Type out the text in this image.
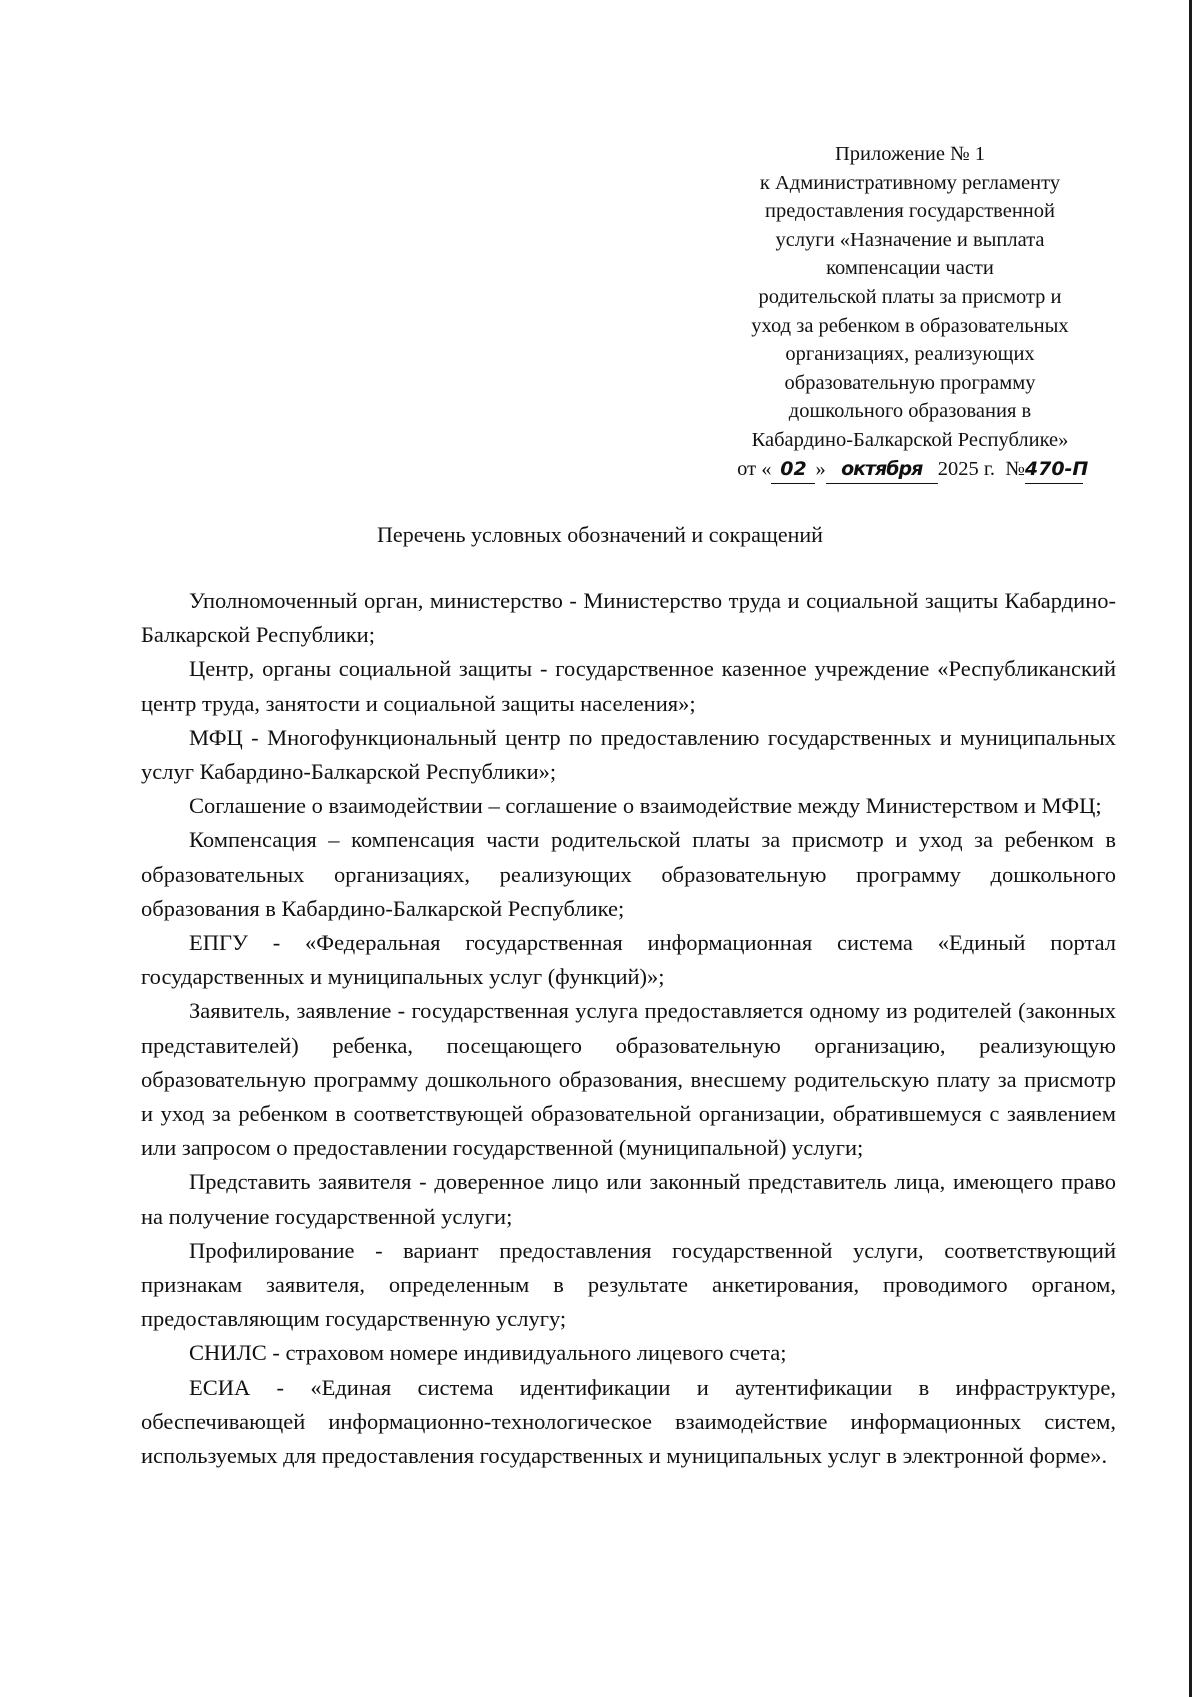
Приложение № 1
к Административному регламенту
предоставления государственной
услуги «Назначение и выплата
компенсации части
родительской платы за присмотр и
уход за ребенком в образовательных
организациях, реализующих
образовательную программу
дошкольного образования в
Кабардино-Балкарской Республике»
от « 02 » октября 2025 г. №470-П
Перечень условных обозначений и сокращений

Уполномоченный орган, министерство - Министерство труда и социальной защиты Кабардино-Балкарской Республики;

Центр, органы социальной защиты - государственное казенное учреждение «Республиканский центр труда, занятости и социальной защиты населения»;

МФЦ - Многофункциональный центр по предоставлению государственных и муниципальных услуг Кабардино-Балкарской Республики»;

Соглашение о взаимодействии – соглашение о взаимодействие между Министерством и МФЦ;

Компенсация – компенсация части родительской платы за присмотр и уход за ребенком в образовательных организациях, реализующих образовательную программу дошкольного образования в Кабардино-Балкарской Республике;

ЕПГУ - «Федеральная государственная информационная система «Единый портал государственных и муниципальных услуг (функций)»;

Заявитель, заявление - государственная услуга предоставляется одному из родителей (законных представителей) ребенка, посещающего образовательную организацию, реализующую образовательную программу дошкольного образования, внесшему родительскую плату за присмотр и уход за ребенком в соответствующей образовательной организации, обратившемуся с заявлением или запросом о предоставлении государственной (муниципальной) услуги;

Представить заявителя - доверенное лицо или законный представитель лица, имеющего право на получение государственной услуги;

Профилирование - вариант предоставления государственной услуги, соответствующий признакам заявителя, определенным в результате анкетирования, проводимого органом, предоставляющим государственную услугу;

СНИЛС - страховом номере индивидуального лицевого счета;

ЕСИА - «Единая система идентификации и аутентификации в инфраструктуре, обеспечивающей информационно-технологическое взаимодействие информационных систем, используемых для предоставления государственных и муниципальных услуг в электронной форме».
